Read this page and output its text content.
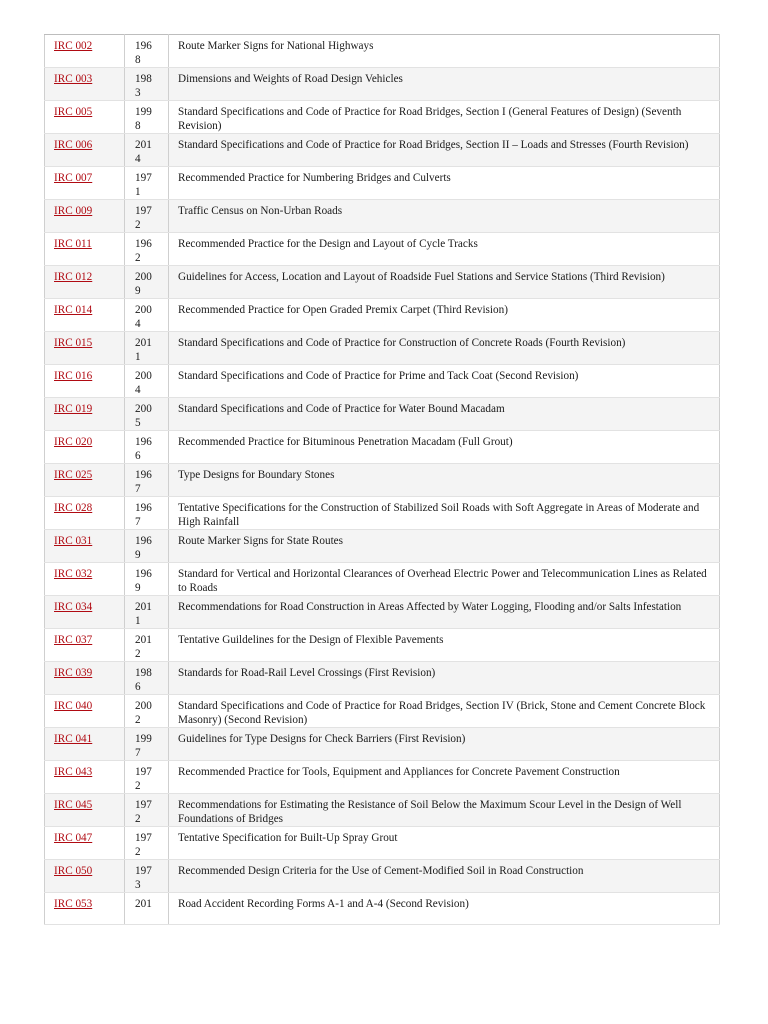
IRC 002	1968	Route Marker Signs for National Highways
IRC 003	1983	Dimensions and Weights of Road Design Vehicles
IRC 005	1998	Standard Specifications and Code of Practice for Road Bridges, Section I (General Features of Design) (Seventh Revision)
IRC 006	2014	Standard Specifications and Code of Practice for Road Bridges, Section II – Loads and Stresses (Fourth Revision)
IRC 007	1971	Recommended Practice for Numbering Bridges and Culverts
IRC 009	1972	Traffic Census on Non-Urban Roads
IRC 011	1962	Recommended Practice for the Design and Layout of Cycle Tracks
IRC 012	2009	Guidelines for Access, Location and Layout of Roadside Fuel Stations and Service Stations (Third Revision)
IRC 014	2004	Recommended Practice for Open Graded Premix Carpet (Third Revision)
IRC 015	2011	Standard Specifications and Code of Practice for Construction of Concrete Roads (Fourth Revision)
IRC 016	2004	Standard Specifications and Code of Practice for Prime and Tack Coat (Second Revision)
IRC 019	2005	Standard Specifications and Code of Practice for Water Bound Macadam
IRC 020	1966	Recommended Practice for Bituminous Penetration Macadam (Full Grout)
IRC 025	1967	Type Designs for Boundary Stones
IRC 028	1967	Tentative Specifications for the Construction of Stabilized Soil Roads with Soft Aggregate in Areas of Moderate and High Rainfall
IRC 031	1969	Route Marker Signs for State Routes
IRC 032	1969	Standard for Vertical and Horizontal Clearances of Overhead Electric Power and Telecommunication Lines as Related to Roads
IRC 034	2011	Recommendations for Road Construction in Areas Affected by Water Logging, Flooding and/or Salts Infestation
IRC 037	2012	Tentative Guildelines for the Design of Flexible Pavements
IRC 039	1986	Standards for Road-Rail Level Crossings (First Revision)
IRC 040	2002	Standard Specifications and Code of Practice for Road Bridges, Section IV (Brick, Stone and Cement Concrete Block Masonry) (Second Revision)
IRC 041	1997	Guidelines for Type Designs for Check Barriers (First Revision)
IRC 043	1972	Recommended Practice for Tools, Equipment and Appliances for Concrete Pavement Construction
IRC 045	1972	Recommendations for Estimating the Resistance of Soil Below the Maximum Scour Level in the Design of Well Foundations of Bridges
IRC 047	1972	Tentative Specification for Built-Up Spray Grout
IRC 050	1973	Recommended Design Criteria for the Use of Cement-Modified Soil in Road Construction
IRC 053	201	Road Accident Recording Forms A-1 and A-4 (Second Revision)
